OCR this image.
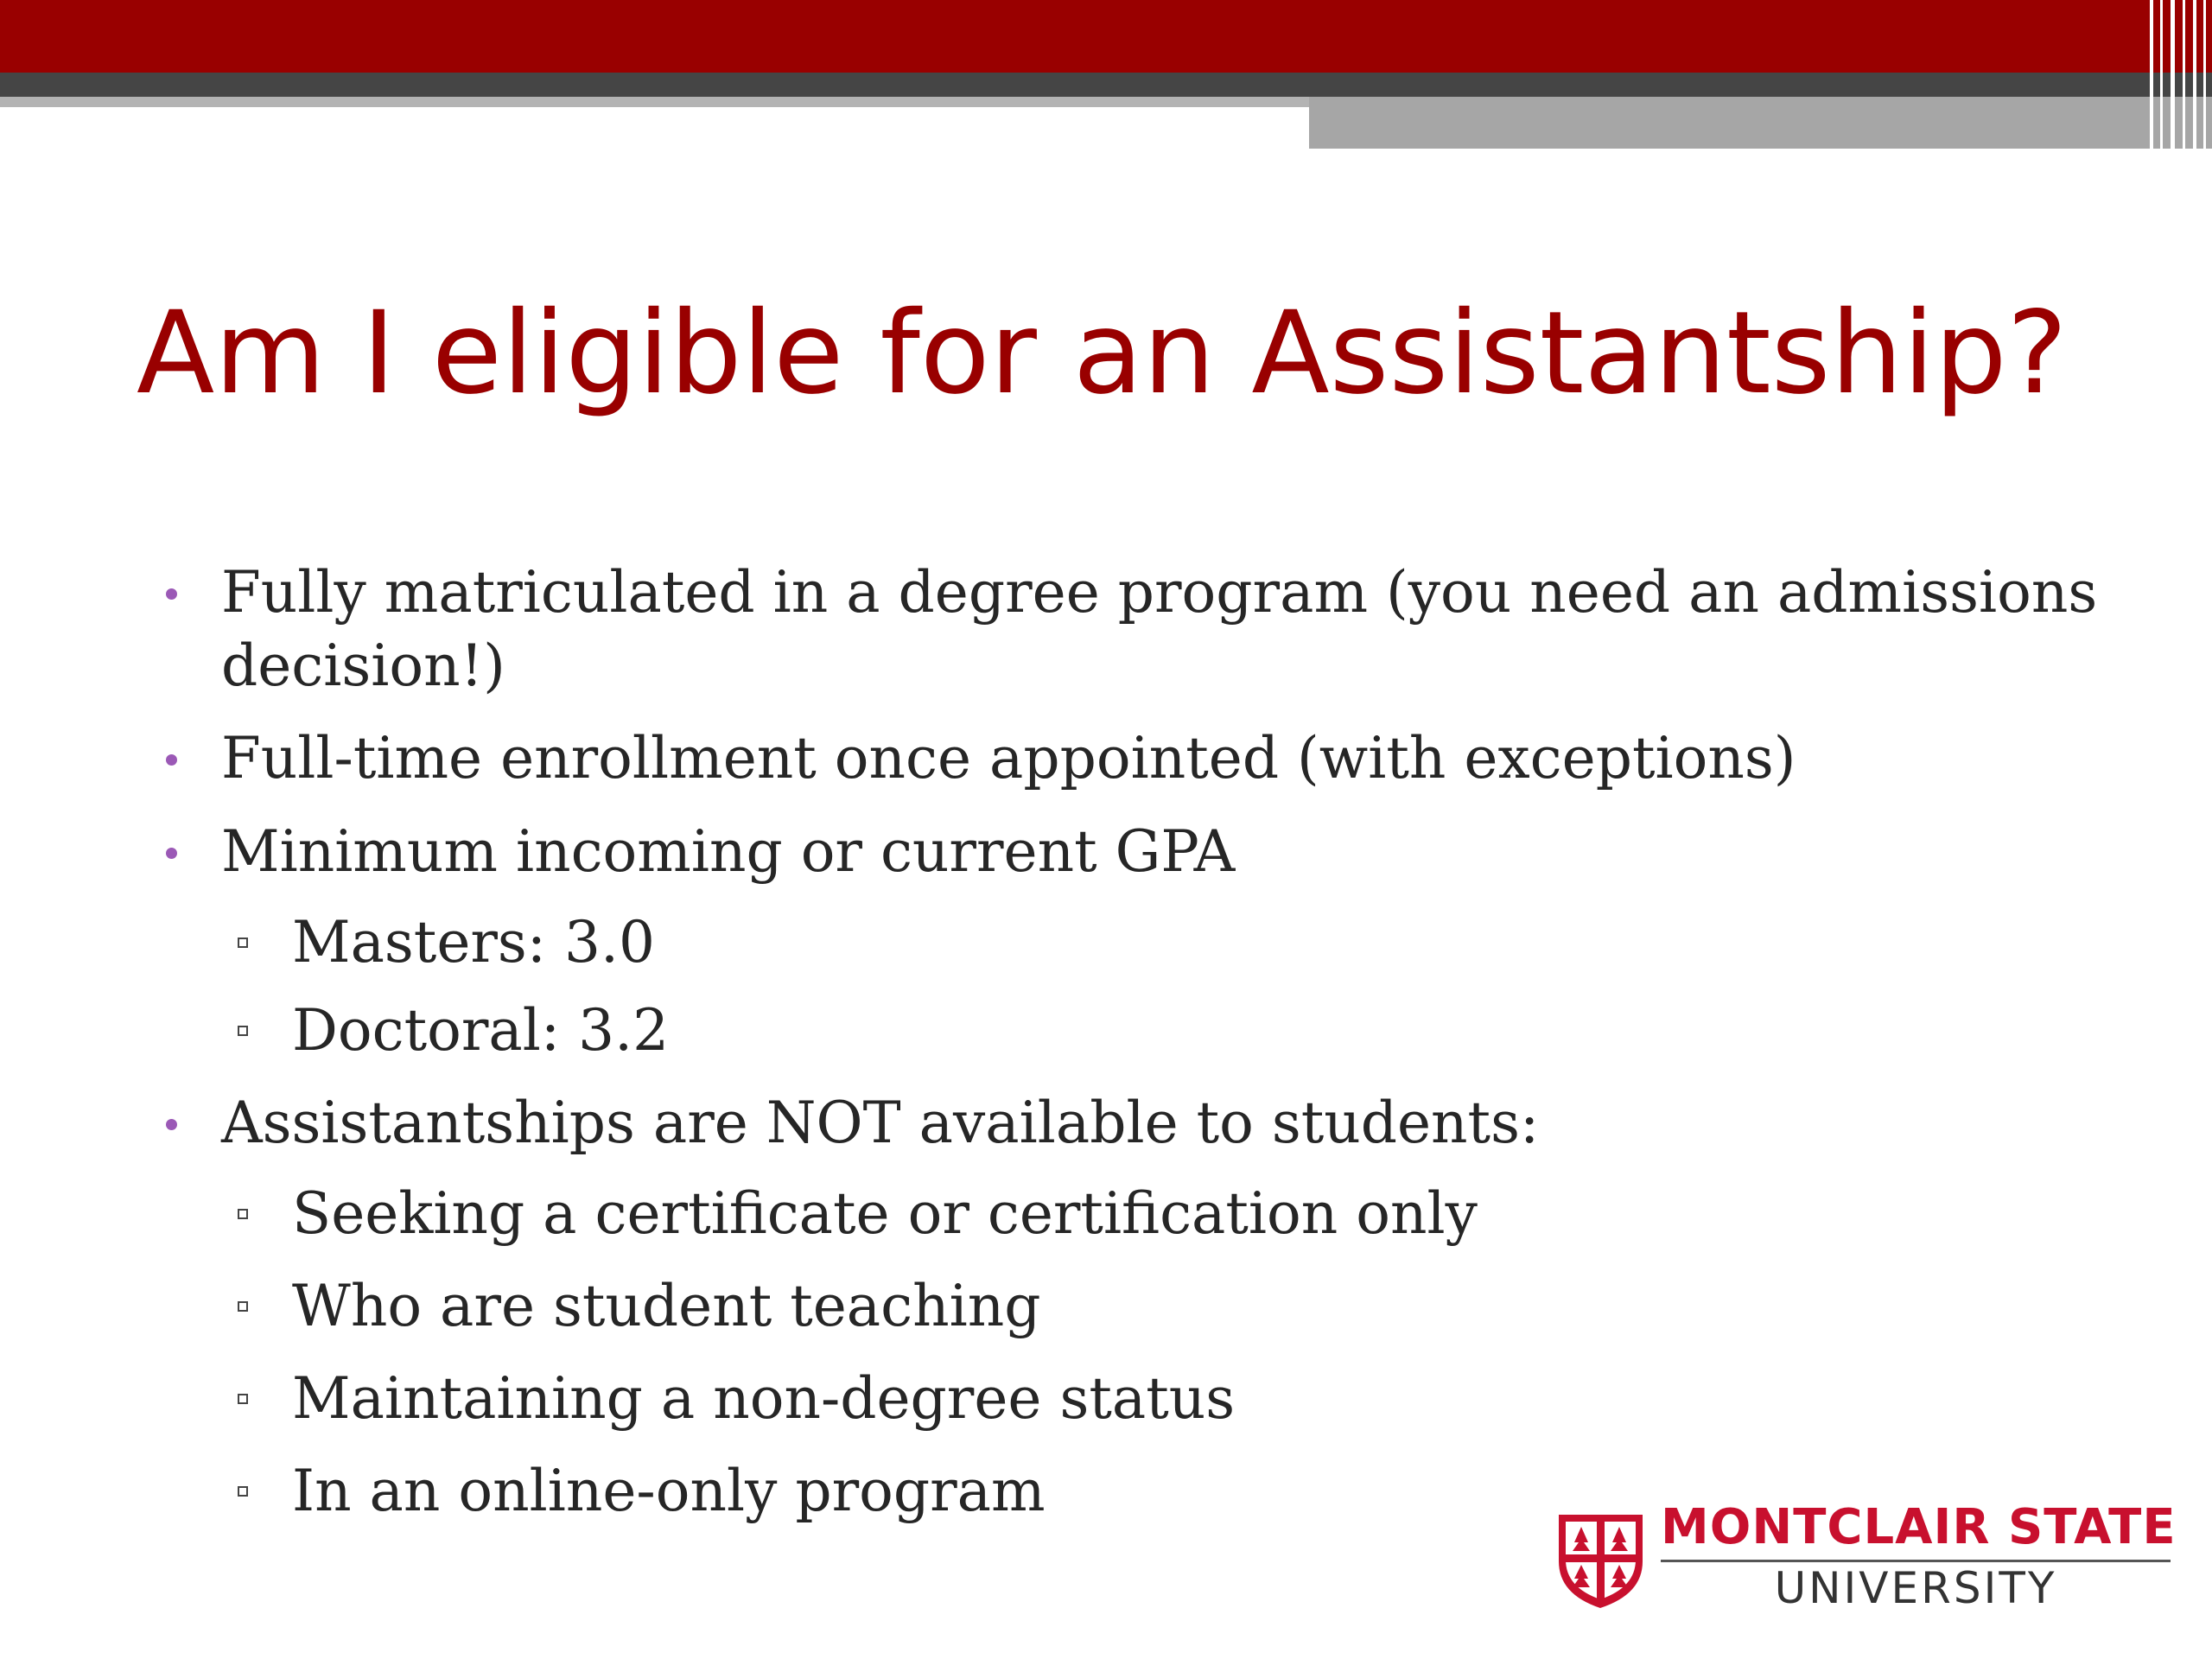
Am I eligible for an Assistantship?
Fully matriculated in a degree program (you need an admissions
decision!)
Full-time enrollment once appointed (with exceptions)
Minimum incoming or current GPA
Masters: 3.0
Doctoral: 3.2
Assistantships are NOT available to students:
Seeking a certificate or certification only
Who are student teaching
Maintaining a non-degree status
In an online-only program
MONTCLAIR STATE
UNIVERSITY
